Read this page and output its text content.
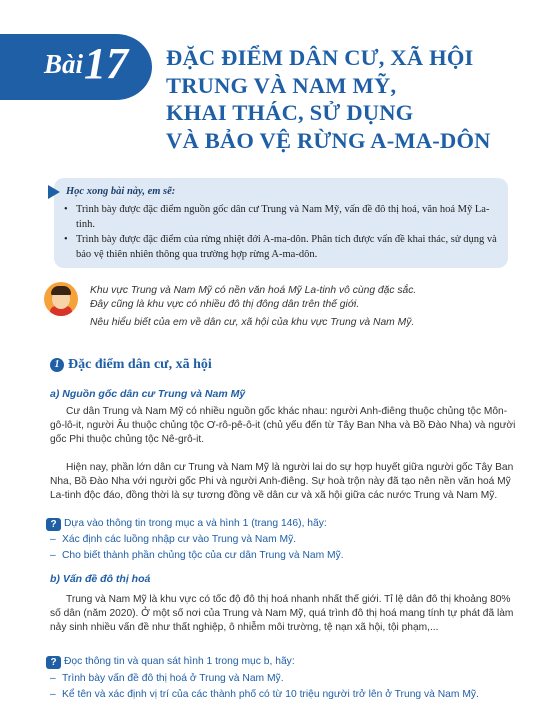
Bài 17 ĐẶC ĐIỂM DÂN CƯ, XÃ HỘI
TRUNG VÀ NAM MỸ,
KHAI THÁC, SỬ DỤNG
VÀ BẢO VỆ RỪNG A-MA-DÔN
Học xong bài này, em sẽ:
• Trình bày được đặc điểm nguồn gốc dân cư Trung và Nam Mỹ, vấn đề đô thị hoá, văn hoá Mỹ La-tinh.
• Trình bày được đặc điểm của rừng nhiệt đới A-ma-dôn. Phân tích được vấn đề khai thác, sử dụng và bảo vệ thiên nhiên thông qua trường hợp rừng A-ma-dôn.

Khu vực Trung và Nam Mỹ có nền văn hoá Mỹ La-tinh vô cùng đặc sắc.

Đây cũng là khu vực có nhiều đô thị đông dân trên thế giới.

Nêu hiểu biết của em về dân cư, xã hội của khu vực Trung và Nam Mỹ.

1 Đặc điểm dân cư, xã hội
a) Nguồn gốc dân cư Trung và Nam Mỹ

Cư dân Trung và Nam Mỹ có nhiều nguồn gốc khác nhau: người Anh-điêng thuộc chủng tộc Môn-gô-lô-it, người Âu thuộc chủng tộc Ơ-rô-pê-ô-it (chủ yếu đến từ Tây Ban Nha và Bồ Đào Nha) và người gốc Phi thuộc chủng tộc Nê-grô-it.

Hiện nay, phần lớn dân cư Trung và Nam Mỹ là người lai do sự hợp huyết giữa người gốc Tây Ban Nha, Bồ Đào Nha với người gốc Phi và người Anh-điêng. Sự hoà trộn này đã tạo nên nền văn hoá Mỹ La-tinh độc đáo, đồng thời là sự tương đồng về dân cư và xã hội giữa các nước Trung và Nam Mỹ.

? Dựa vào thông tin trong mục a và hình 1 (trang 146), hãy:
– Xác định các luồng nhập cư vào Trung và Nam Mỹ.
– Cho biết thành phần chủng tộc của cư dân Trung và Nam Mỹ.
b) Vấn đề đô thị hoá

Trung và Nam Mỹ là khu vực có tốc độ đô thị hoá nhanh nhất thế giới. Tỉ lệ dân đô thị khoảng 80% số dân (năm 2020). Ở một số nơi của Trung và Nam Mỹ, quá trình đô thị hoá mang tính tự phát đã làm nảy sinh nhiều vấn đề như thất nghiệp, ô nhiễm môi trường, tệ nạn xã hội, tội phạm,...

? Đọc thông tin và quan sát hình 1 trong mục b, hãy:
– Trình bày vấn đề đô thị hoá ở Trung và Nam Mỹ.
– Kể tên và xác định vị trí của các thành phố có từ 10 triệu người trở lên ở Trung và Nam Mỹ.
